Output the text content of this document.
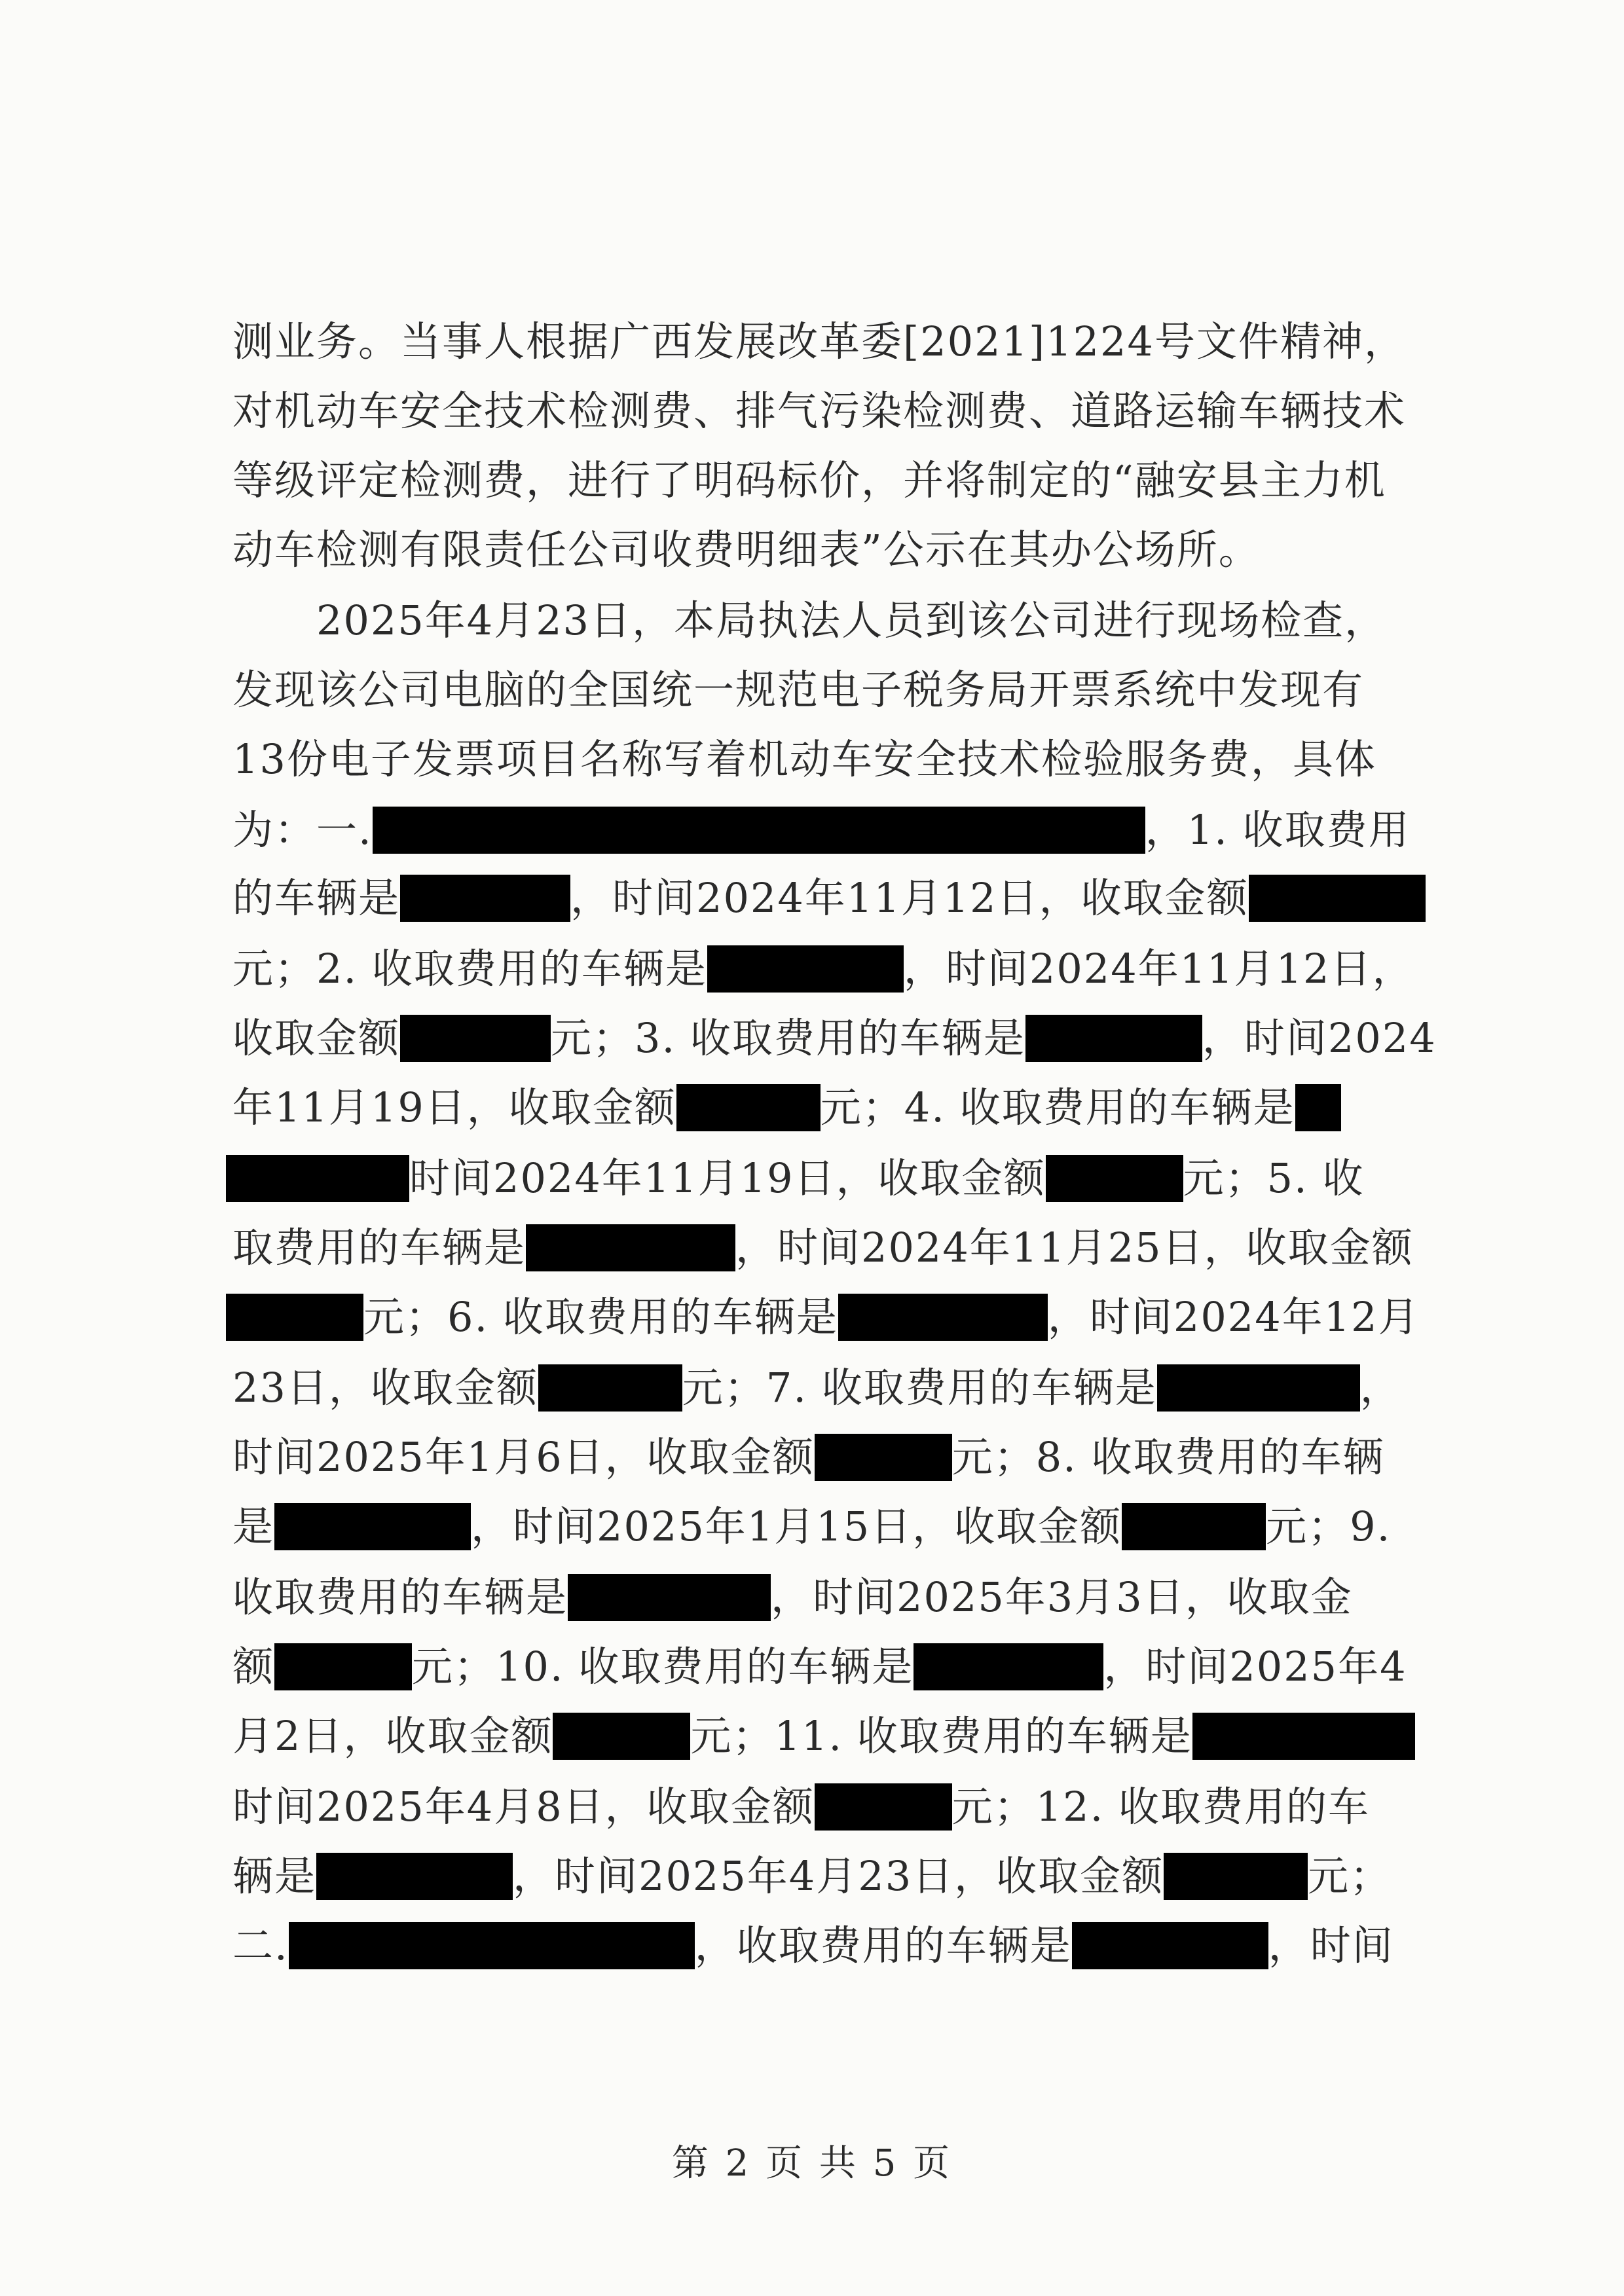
测业务。当事人根据广西发展改革委[2021]1224号文件精神，
对机动车安全技术检测费、排气污染检测费、道路运输车辆技术
等级评定检测费，进行了明码标价，并将制定的“融安县主力机
动车检测有限责任公司收费明细表”公示在其办公场所。
　　2025年4月23日，本局执法人员到该公司进行现场检查，
发现该公司电脑的全国统一规范电子税务局开票系统中发现有
13份电子发票项目名称写着机动车安全技术检验服务费，具体
为：一.	，1. 收取费用
的车辆是	，时间2024年11月12日，收取金额
元；2. 收取费用的车辆是	，时间2024年11月12日，
收取金额	元；3. 收取费用的车辆是	，时间2024
年11月19日，收取金额	元；4. 收取费用的车辆是
时间2024年11月19日，收取金额	元；5. 收
取费用的车辆是	，时间2024年11月25日，收取金额
元；6. 收取费用的车辆是	，时间2024年12月
23日，收取金额	元；7. 收取费用的车辆是	，
时间2025年1月6日，收取金额	元；8. 收取费用的车辆
是	，时间2025年1月15日，收取金额	元；9.
收取费用的车辆是	，时间2025年3月3日，收取金
额	元；10. 收取费用的车辆是	，时间2025年4
月2日，收取金额	元；11. 收取费用的车辆是
时间2025年4月8日，收取金额	元；12. 收取费用的车
辆是	，时间2025年4月23日，收取金额	元；
二.	，收取费用的车辆是	，时间
第 2 页 共 5 页
